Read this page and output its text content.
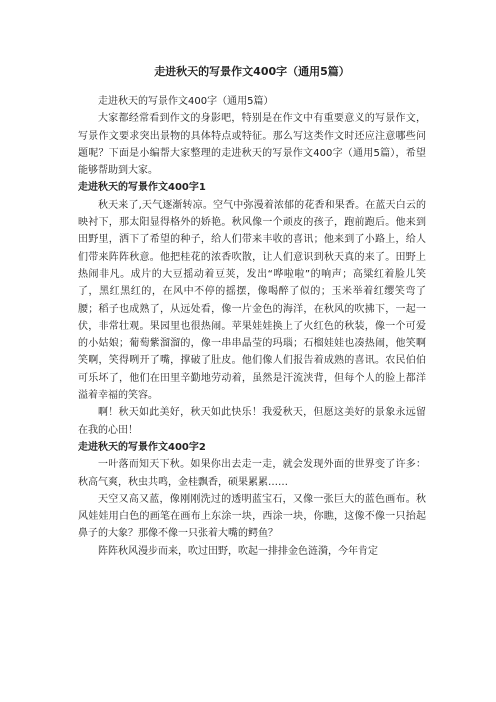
走进秋天的写景作文400字（通用5篇）

走进秋天的写景作文400字（通用5篇）

大家都经常看到作文的身影吧，特别是在作文中有重要意义的写景作文，写景作文要求突出景物的具体特点或特征。那么写这类作文时还应注意哪些问题呢？下面是小编帮大家整理的走进秋天的写景作文400字（通用5篇），希望能够帮助到大家。

走进秋天的写景作文400字1

秋天来了,天气逐渐转凉。空气中弥漫着浓郁的花香和果香。在蓝天白云的映衬下，那太阳显得格外的娇艳。秋风像一个顽皮的孩子，跑前跑后。他来到田野里，洒下了希望的种子，给人们带来丰收的喜讯；他来到了小路上，给人们带来阵阵秋意。他把桂花的浓香吹散，让人们意识到秋天真的来了。田野上热闹非凡。成片的大豆摇动着豆荚，发出“哗啦啦”的响声；高粱红着脸儿笑了，黑红黑红的，在风中不停的摇摆，像喝醉了似的；玉米举着红缨笑弯了腰；稻子也成熟了，从远处看，像一片金色的海洋，在秋风的吹拂下，一起一伏，非常壮观。果园里也很热闹。苹果娃娃换上了火红色的秋装，像一个可爱的小姑娘；葡萄紫溜溜的，像一串串晶莹的玛瑙；石榴娃娃也凑热闹，他笑啊笑啊，笑得咧开了嘴，撑破了肚皮。他们像人们报告着成熟的喜讯。农民伯伯可乐坏了，他们在田里辛勤地劳动着，虽然是汗流浃背，但每个人的脸上都洋溢着幸福的笑容。

啊！秋天如此美好，秋天如此快乐！我爱秋天，但愿这美好的景象永远留在我的心田！

走进秋天的写景作文400字2

一叶落而知天下秋。如果你出去走一走，就会发现外面的世界变了许多：秋高气爽，秋虫共鸣，金桂飘香，硕果累累……

天空又高又蓝，像刚刚洗过的透明蓝宝石，又像一张巨大的蓝色画布。秋风娃娃用白色的画笔在画布上东涂一块，西涂一块，你瞧，这像不像一只抬起鼻子的大象？那像不像一只张着大嘴的鳄鱼？

阵阵秋风漫步而来，吹过田野，吹起一排排金色涟漪，今年肯定
